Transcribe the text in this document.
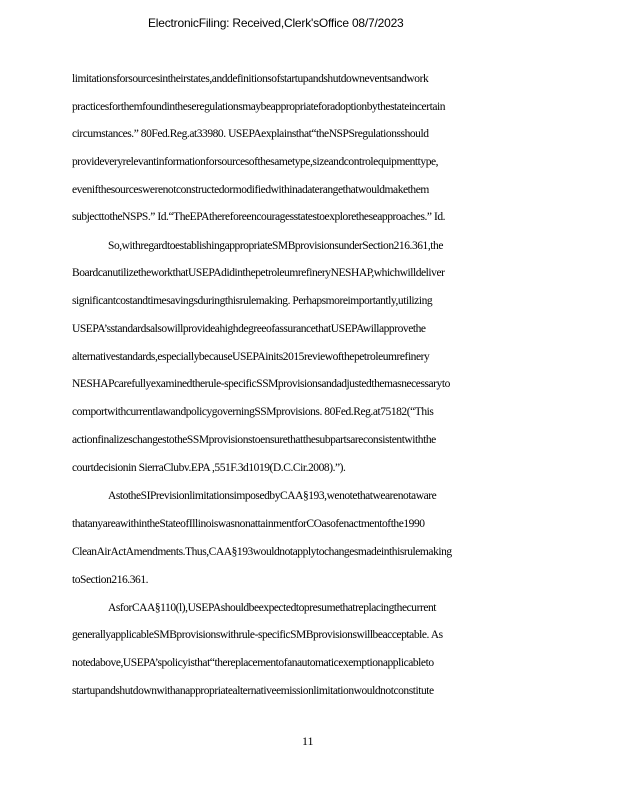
ElectronicFiling: Received,Clerk'sOffice 08/7/2023
limitationsforsourcesintheirstates,anddefinitionsofstartupandshutdowneventsandwork
practicesforthemfoundintheseregulationsmaybeappropriateforadoptionbythestateincertain
circumstances.” 80Fed.Reg.at33980. USEPAexplainsthat“theNSPSregulationsshould
provideveryrelevantinformationforsourcesofthesametype,sizeandcontrolequipmenttype,
evenifthesourceswerenotconstructedormodifiedwithinadaterangethatwouldmakethem
subjecttotheNSPS.” Id.“TheEPAthereforeencouragesstatestoexploretheseapproaches.” Id.
So,withregardtoestablishingappropriateSMBprovisionsunderSection216.361,the
BoardcanutilizetheworkthatUSEPAdidinthepetroleumrefineryNESHAP,whichwilldeliver
significantcostandtimesavingsduringthisrulemaking. Perhapsmoreimportantly,utilizing
USEPA’sstandardsalsowillprovideahighdegreeofassurancethatUSEPAwillapprovethe
alternativestandards,especiallybecauseUSEPAinits2015reviewofthepetroleumrefinery
NESHAPcarefullyexaminedtherule-specificSSMprovisionsandadjustedthemasnecessaryto
comportwithcurrentlawandpolicygoverningSSMprovisions. 80Fed.Reg.at75182(“This
actionfinalizeschangestotheSSMprovisionstoensurethatthesubpartsareconsistentwiththe
courtdecisionin SierraClubv.EPA ,551F.3d1019(D.C.Cir.2008).”).
AstotheSIPrevisionlimitationsimposedbyCAA§193,wenotethatwearenotaware
thatanyareawithintheStateofIllinoiswasnonattainmentforCOasofenactmentofthe1990
CleanAirActAmendments.Thus,CAA§193wouldnotapplytochangesmadeinthisrulemaking
toSection216.361.
AsforCAA§110(l),USEPAshouldbeexpectedtopresumethatreplacingthecurrent
generallyapplicableSMBprovisionswithrule-specificSMBprovisionswillbeacceptable. As
notedabove,USEPA’spolicyisthat“thereplacementofanautomaticexemptionapplicableto
startupandshutdownwithanappropriatealternativeemissionlimitationwouldnotconstitute
11
